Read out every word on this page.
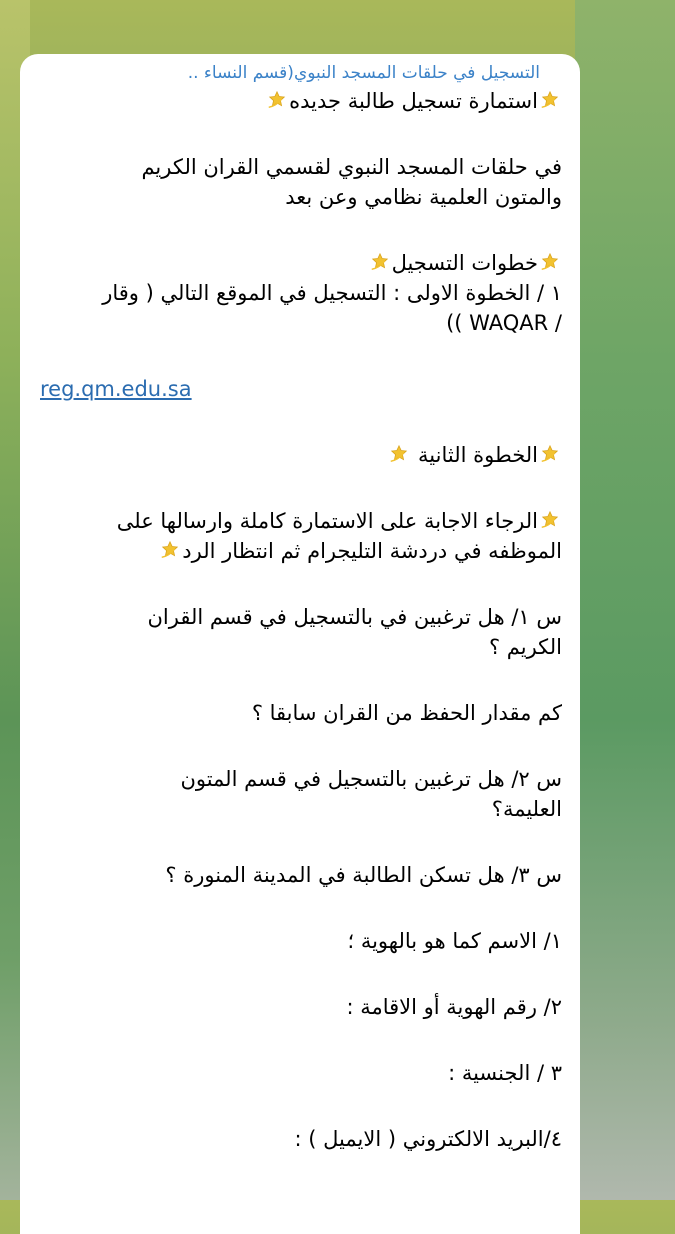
التسجيل في حلقات المسجد النبوي(قسم النساء ..
استمارة تسجيل طالبة جديده
في حلقات المسجد النبوي لقسمي القران الكريم
والمتون العلمية نظامي وعن بعد
خطوات التسجيل
١ / الخطوة الاولى : التسجيل في الموقع التالي ( وقار
/ WAQAR ))
reg.qm.edu.sa
الخطوة الثانية
الرجاء الاجابة على الاستمارة كاملة وارسالها على
الموظفه في دردشة التليجرام ثم انتظار الرد
س ١/ هل ترغبين في بالتسجيل في قسم القران
الكريم ؟
كم مقدار الحفظ من القران سابقا ؟
س ٢/ هل ترغبين بالتسجيل في قسم المتون
العليمة؟
س ٣/ هل تسكن الطالبة في المدينة المنورة ؟
١/ الاسم كما هو بالهوية ؛
٢/ رقم الهوية أو الاقامة :
٣ / الجنسية :
٤/البريد الالكتروني ( الايميل ) :
